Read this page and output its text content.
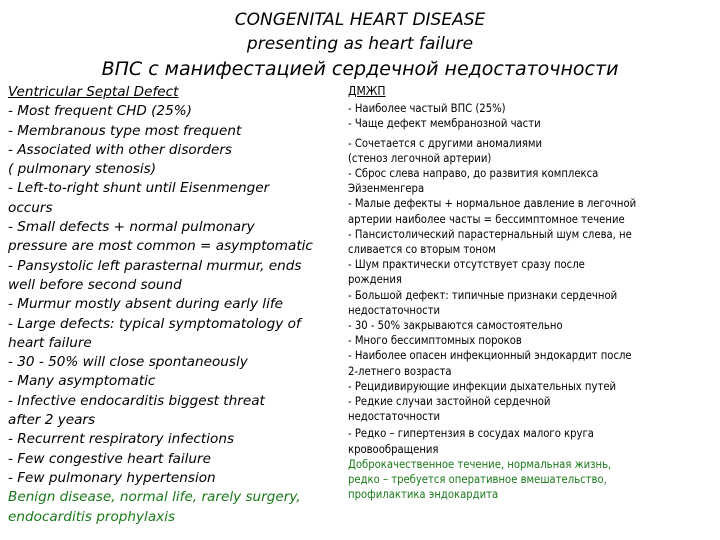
CONGENITAL HEART DISEASE
presenting as heart failure
ВПС с манифестацией сердечной недостаточности
Ventricular Septal Defect
- Most frequent CHD (25%)
- Membranous type most frequent
- Associated with other disorders
( pulmonary stenosis)
- Left-to-right shunt until Eisenmenger
occurs
- Small defects + normal pulmonary
pressure are most common = asymptomatic
- Pansystolic left parasternal murmur, ends
well before second sound
- Murmur mostly absent during early life
- Large defects: typical symptomatology of
heart failure
- 30 - 50% will close spontaneously
- Many asymptomatic
- Infective endocarditis biggest threat
after 2 years
- Recurrent respiratory infections
- Few congestive heart failure
- Few pulmonary hypertension
Benign disease, normal life, rarely surgery,
endocarditis prophylaxis
ДМЖП
- Наиболее частый ВПС (25%)
- Чаще дефект мембранозной части
- Сочетается с другими аномалиями
(стеноз легочной артерии)
- Сброс слева направо, до развития комплекса
Эйзенменгера
- Малые дефекты + нормальное давление в легочной
артерии наиболее часты = бессимптомное течение
- Пансистолический парастернальный шум слева, не
сливается со вторым тоном
- Шум практически отсутствует сразу после
рождения
- Большой дефект: типичные признаки сердечной
недостаточности
- 30 - 50% закрываются самостоятельно
- Много бессимптомных пороков
- Наиболее опасен инфекционный эндокардит после
2-летнего возраста
- Рецидивирующие инфекции дыхательных путей
- Редкие случаи застойной сердечной
недостаточности
- Редко – гипертензия в сосудах малого круга
кровообращения
Доброкачественное течение, нормальная жизнь,
редко – требуется оперативное вмешательство,
профилактика эндокардита
